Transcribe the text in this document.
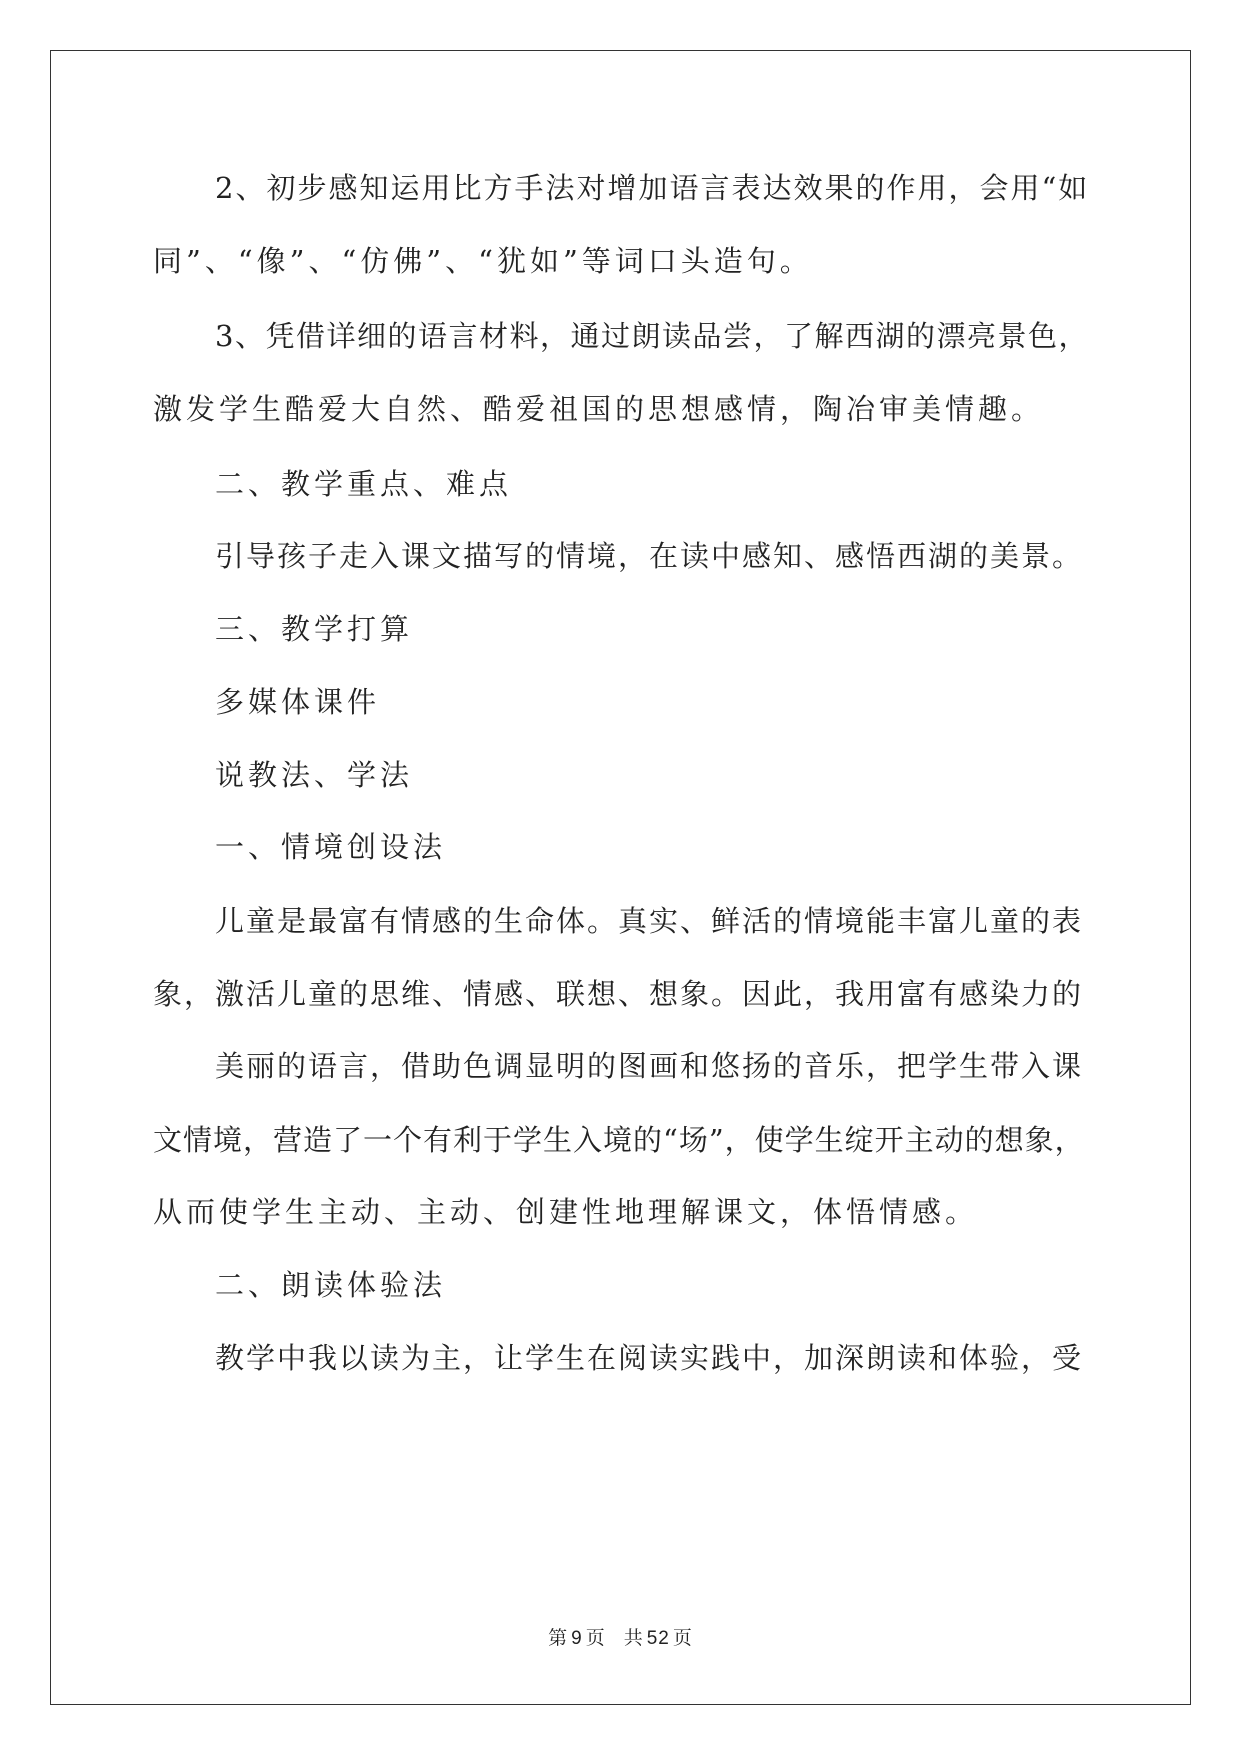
2、初步感知运用比方手法对增加语言表达效果的作用，会用“如
同”、“像”、“仿佛”、“犹如”等词口头造句。
3、凭借详细的语言材料，通过朗读品尝，了解西湖的漂亮景色，
激发学生酷爱大自然、酷爱祖国的思想感情，陶冶审美情趣。
二、教学重点、难点
引导孩子走入课文描写的情境，在读中感知、感悟西湖的美景。
三、教学打算
多媒体课件
说教法、学法
一、情境创设法
儿童是最富有情感的生命体。真实、鲜活的情境能丰富儿童的表
象，激活儿童的思维、情感、联想、想象。因此，我用富有感染力的
美丽的语言，借助色调显明的图画和悠扬的音乐，把学生带入课
文情境，营造了一个有利于学生入境的“场”，使学生绽开主动的想象，
从而使学生主动、主动、创建性地理解课文，体悟情感。
二、朗读体验法
教学中我以读为主，让学生在阅读实践中，加深朗读和体验，受
第 9 页 共 52 页
